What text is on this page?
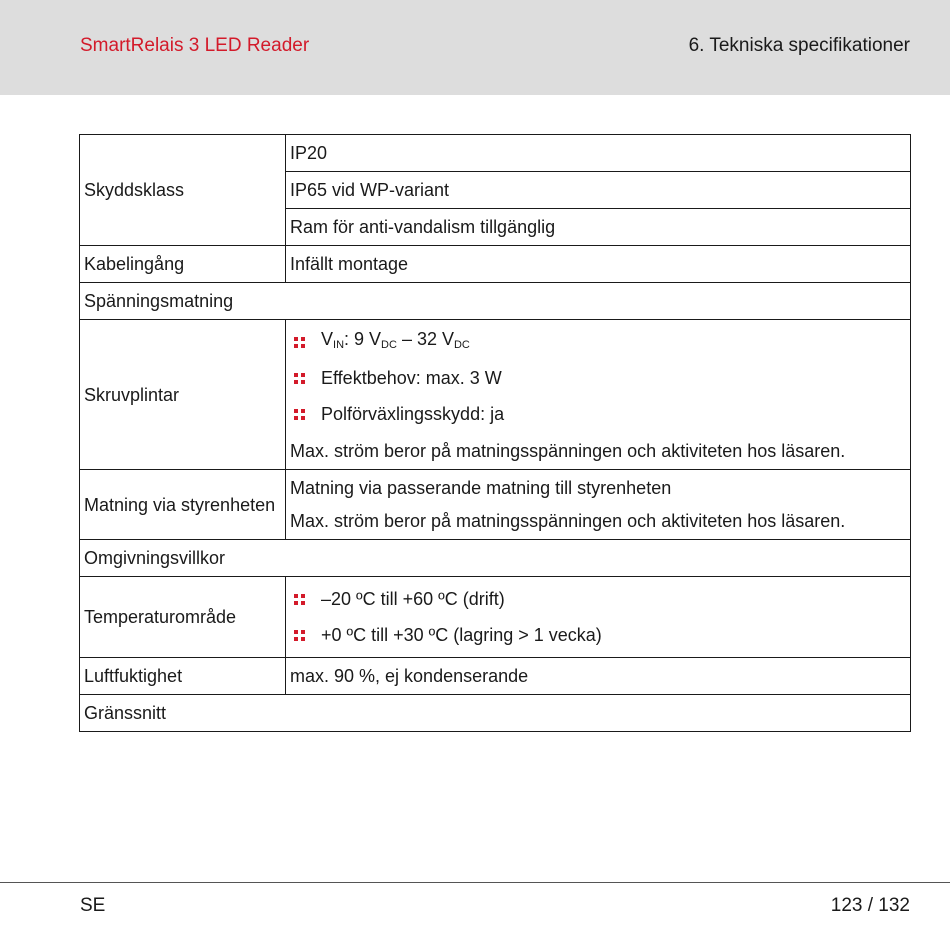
SmartRelais 3 LED Reader	6. Tekniska specifikationer
Skyddsklass	IP20
	IP65 vid WP-variant
	Ram för anti-vandalism tillgänglig
Kabelingång	Infällt montage
Spänningsmatning	
Skruvplintar	$V_{IN}$: 9 $V_{DC} - 32$ $V_{DC}$
Effektbehov: max. 3 W
Polförväxlingsskydd: ja
Max. ström beror på matningsspänningen och aktiviteten hos läsaren.

Matning via styrenheten	Matning via passerande matning till styrenheten
Max. ström beror på matningsspänningen och aktiviteten hos läsaren.

Omgivningsvillkor	
Temperaturområde	–20 ºC till +60 ºC (drift)
+0 ºC till +30 ºC (lagring > 1 vecka)

Luftfuktighet	max. 90 %, ej kondenserande
Gränssnitt	
SE	123 / 132
